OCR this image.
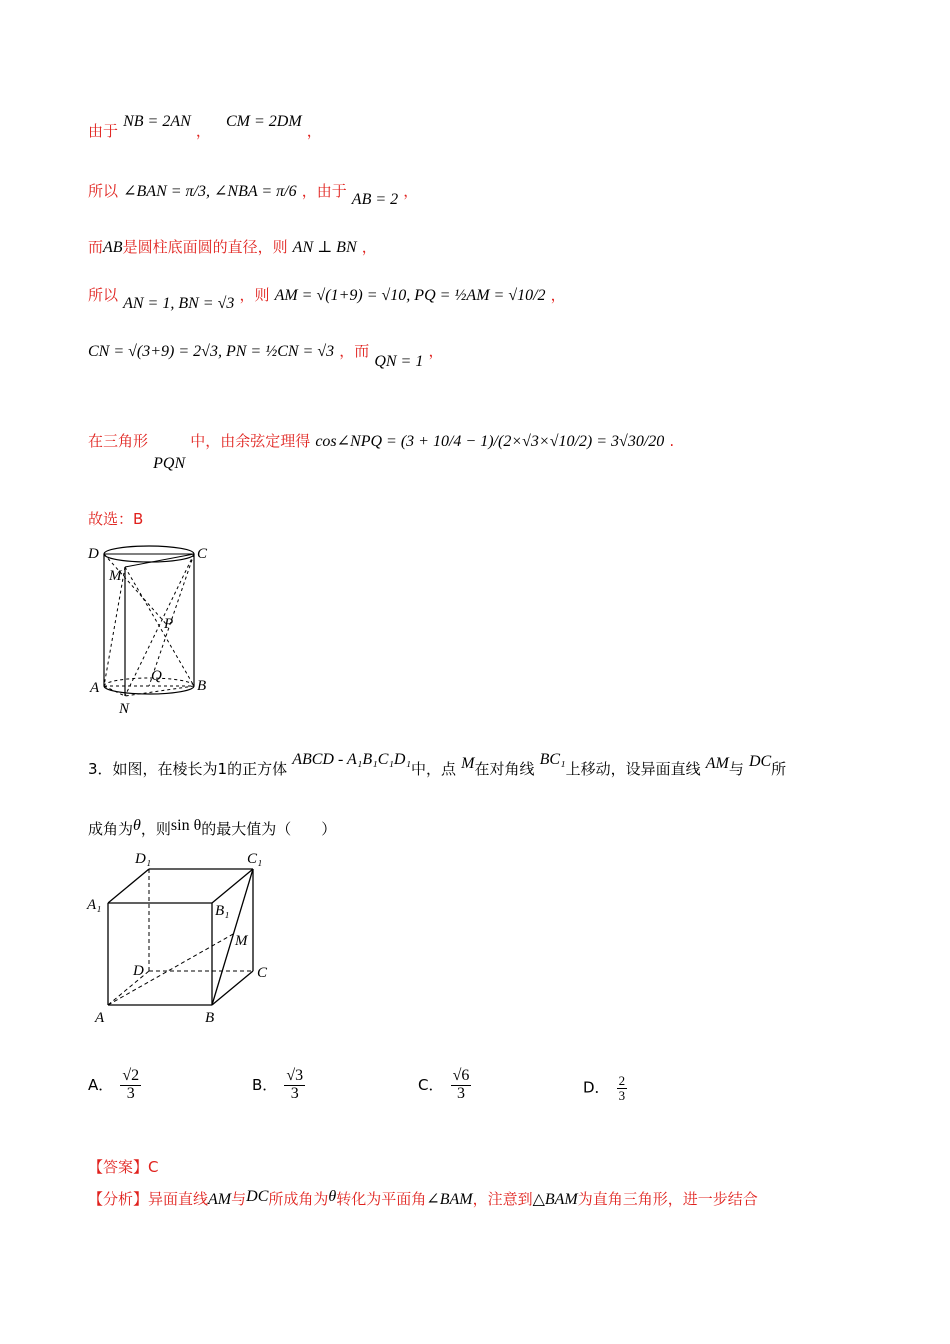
由于 NB = 2AN ， CM = 2DM ，
所以 ∠BAN = π/3, ∠NBA = π/6 ，由于 AB = 2 ，
而AB是圆柱底面圆的直径，则 AN ⊥ BN ，
所以 AN = 1, BN = √3 ，则 AM = √(1+9) = √10, PQ = ½AM = √10/2 ，
CN = √(3+9) = 2√3, PN = ½CN = √3 ，而 QN = 1 ，
在三角形 PQN 中，由余弦定理得 cos∠NPQ = (3 + 10/4 − 1)/(2×√3×√10/2) = 3√30/20 .
故选：B
D	C
M
P
Q
A	B
N
3．如图，在棱长为1的正方体 ABCD - A₁B₁C₁D₁中，点 M在对角线 BC₁上移动，设异面直线 AM与 DC所
成角为θ，则sin θ的最大值为（　　）
D₁	C₁
A₁	B₁
M
D	C
A	B
A． $\frac{√2}{3}$	B． $\frac{√3}{3}$	C． $\frac{√6}{3}$	D． $\frac{2}{3}$
【答案】C
【分析】异面直线AM与DC所成角为θ转化为平面角∠BAM，注意到△BAM为直角三角形，进一步结合
